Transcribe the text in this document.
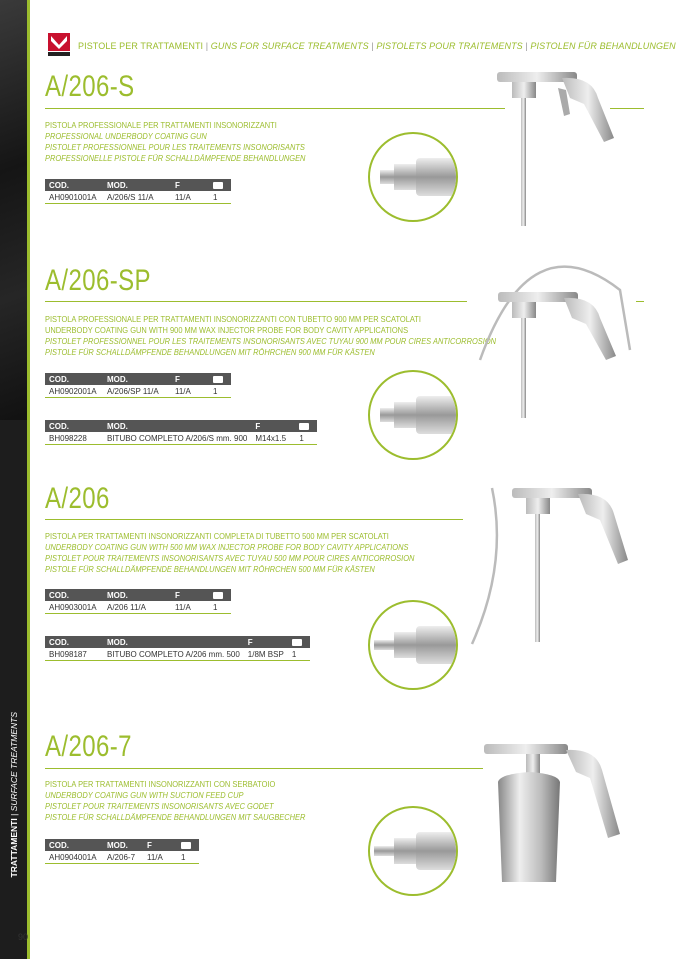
TRATTAMENTI | SURFACE TREATMENTS
PISTOLE PER TRATTAMENTI | GUNS FOR SURFACE TREATMENTS | PISTOLETS POUR TRAITEMENTS | PISTOLEN FÜR BEHANDLUNGEN
A/206-S
PISTOLA PROFESSIONALE PER TRATTAMENTI INSONORIZZANTI
PROFESSIONAL UNDERBODY COATING GUN
PISTOLET PROFESSIONNEL POUR LES TRAITEMENTS INSONORISANTS
PROFESSIONELLE PISTOLE FÜR SCHALLDÄMPFENDE BEHANDLUNGEN
COD.	MOD.	F	
AH0901001A	A/206/S 11/A	11/A	1
A/206-SP
PISTOLA PROFESSIONALE PER TRATTAMENTI INSONORIZZANTI CON TUBETTO 900 MM PER SCATOLATI
UNDERBODY COATING GUN WITH 900 MM WAX INJECTOR PROBE FOR BODY CAVITY APPLICATIONS
PISTOLET PROFESSIONNEL POUR LES TRAITEMENTS INSONORISANTS AVEC TUYAU 900 MM POUR CIRES ANTICORROSION
PISTOLE FÜR SCHALLDÄMPFENDE BEHANDLUNGEN MIT RÖHRCHEN 900 MM FÜR KÄSTEN
COD.	MOD.	F	
AH0902001A	A/206/SP 11/A	11/A	1
COD.	MOD.	F	
BH098228	BITUBO COMPLETO A/206/S mm. 900	M14x1.5	1
A/206
PISTOLA PER TRATTAMENTI INSONORIZZANTI COMPLETA DI TUBETTO 500 MM PER SCATOLATI
UNDERBODY COATING GUN WITH 500 MM WAX INJECTOR PROBE FOR BODY CAVITY APPLICATIONS
PISTOLET POUR TRAITEMENTS INSONORISANTS AVEC TUYAU 500 MM POUR CIRES ANTICORROSION
PISTOLE FÜR SCHALLDÄMPFENDE BEHANDLUNGEN MIT RÖHRCHEN 500 MM FÜR KÄSTEN
COD.	MOD.	F	
AH0903001A	A/206 11/A	11/A	1
COD.	MOD.	F	
BH098187	BITUBO COMPLETO A/206 mm. 500	1/8M BSP	1
A/206-7
PISTOLA PER TRATTAMENTI INSONORIZZANTI CON SERBATOIO
UNDERBODY COATING GUN WITH SUCTION FEED CUP
PISTOLET POUR TRAITEMENTS INSONORISANTS AVEC GODET
PISTOLE FÜR SCHALLDÄMPFENDE BEHANDLUNGEN MIT SAUGBECHER
COD.	MOD.	F	
AH0904001A	A/206-7	11/A	1
90
